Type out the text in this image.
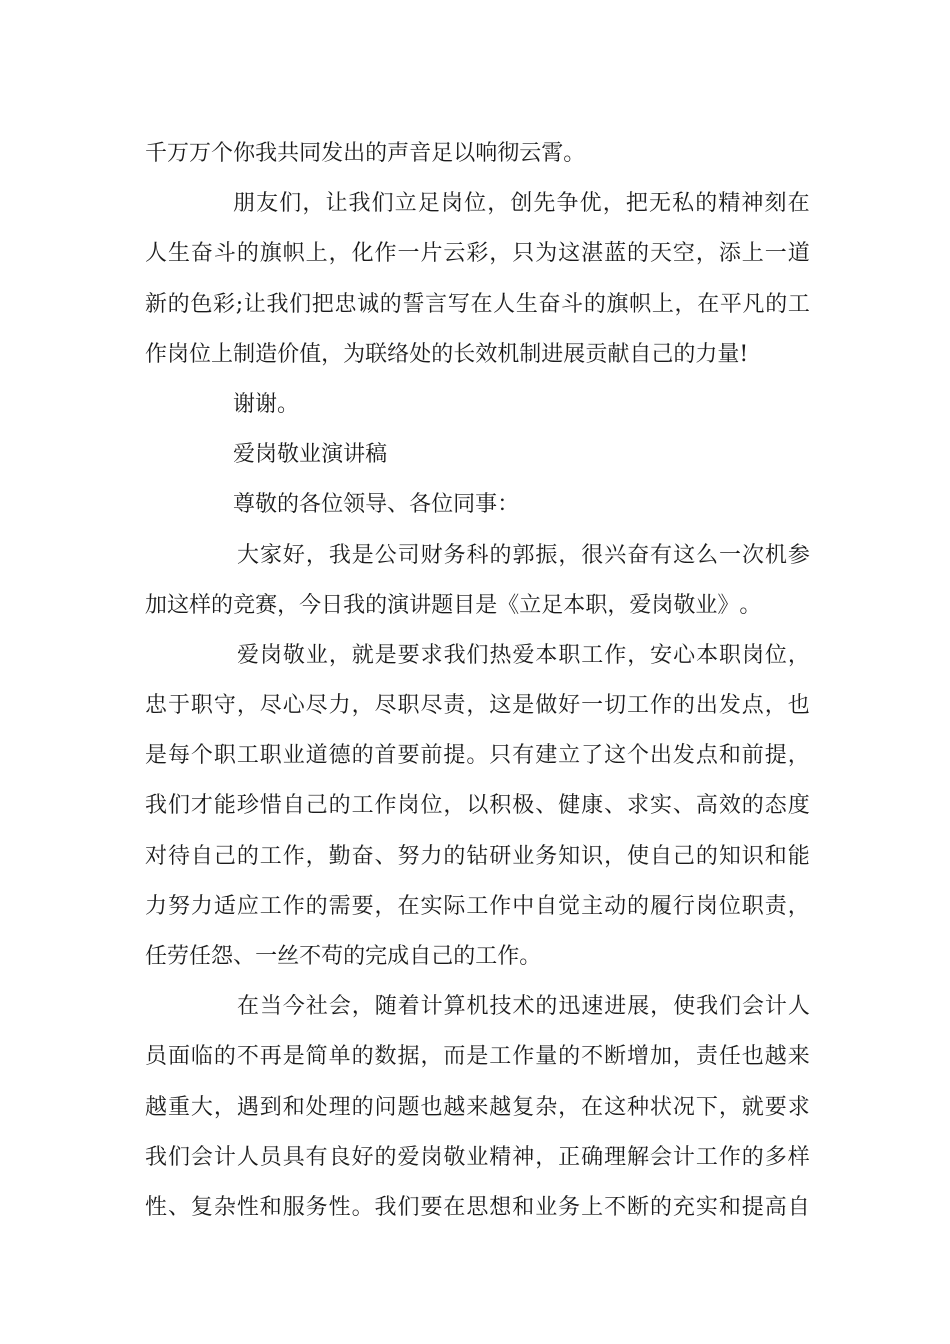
千 万 万 个 你 我 共 同 发 出 的 声 音 足 以 响 彻 云 霄 。
朋 友 们 ， 让 我 们 立 足 岗 位 ， 创 先 争 优 ， 把 无 私 的 精 神 刻 在
人 生 奋 斗 的 旗 帜 上 ， 化 作 一 片 云 彩 ， 只 为 这 湛 蓝 的 天 空 ， 添 上 一 道
新 的 色 彩 ; 让 我 们 把 忠 诚 的 誓 言 写 在 人 生 奋 斗 的 旗 帜 上 ， 在 平 凡 的 工
作 岗 位 上 制 造 价 值 ， 为 联 络 处 的 长 效 机 制 进 展 贡 献 自 己 的 力 量 !
谢 谢 。
爱 岗 敬 业 演 讲 稿
尊 敬 的 各 位 领 导 、 各 位 同 事 ：
大 家 好 ， 我 是 公 司 财 务 科 的 郭 振 ， 很 兴 奋 有 这 么 一 次 机 参
加 这 样 的 竞 赛 ， 今 日 我 的 演 讲 题 目 是 《 立 足 本 职 ， 爱 岗 敬 业 》 。
爱 岗 敬 业 ， 就 是 要 求 我 们 热 爱 本 职 工 作 ， 安 心 本 职 岗 位 ，
忠 于 职 守 ， 尽 心 尽 力 ， 尽 职 尽 责 ， 这 是 做 好 一 切 工 作 的 出 发 点 ， 也
是 每 个 职 工 职 业 道 德 的 首 要 前 提 。 只 有 建 立 了 这 个 出 发 点 和 前 提 ，
我 们 才 能 珍 惜 自 己 的 工 作 岗 位 ， 以 积 极 、 健 康 、 求 实 、 高 效 的 态 度
对 待 自 己 的 工 作 ， 勤 奋 、 努 力 的 钻 研 业 务 知 识 ， 使 自 己 的 知 识 和 能
力 努 力 适 应 工 作 的 需 要 ， 在 实 际 工 作 中 自 觉 主 动 的 履 行 岗 位 职 责 ，
任 劳 任 怨 、 一 丝 不 苟 的 完 成 自 己 的 工 作 。
在 当 今 社 会 ， 随 着 计 算 机 技 术 的 迅 速 进 展 ， 使 我 们 会 计 人
员 面 临 的 不 再 是 简 单 的 数 据 ， 而 是 工 作 量 的 不 断 增 加 ， 责 任 也 越 来
越 重 大 ， 遇 到 和 处 理 的 问 题 也 越 来 越 复 杂 ， 在 这 种 状 况 下 ， 就 要 求
我 们 会 计 人 员 具 有 良 好 的 爱 岗 敬 业 精 神 ， 正 确 理 解 会 计 工 作 的 多 样
性 、 复 杂 性 和 服 务 性 。 我 们 要 在 思 想 和 业 务 上 不 断 的 充 实 和 提 高 自
